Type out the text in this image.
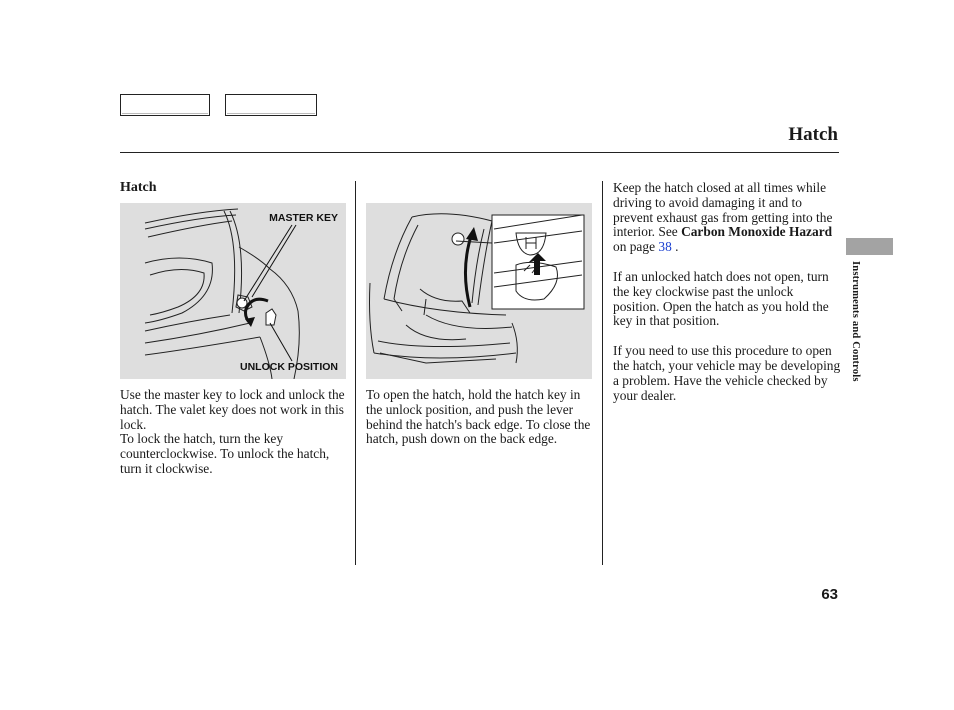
Hatch
Hatch
MASTER KEY
UNLOCK POSITION

Use the master key to lock and unlock the hatch. The valet key does not work in this lock.

To lock the hatch, turn the key counterclockwise. To unlock the hatch, turn it clockwise.

To open the hatch, hold the hatch key in the unlock position, and push the lever behind the hatch's back edge. To close the hatch, push down on the back edge.

Keep the hatch closed at all times while driving to avoid damaging it and to prevent exhaust gas from getting into the interior. See Carbon Monoxide Hazard on page 38 .

If an unlocked hatch does not open, turn the key clockwise past the unlock position. Open the hatch as you hold the key in that position.

If you need to use this procedure to open the hatch, your vehicle may be developing a problem. Have the vehicle checked by your dealer.

Instruments and Controls
63
